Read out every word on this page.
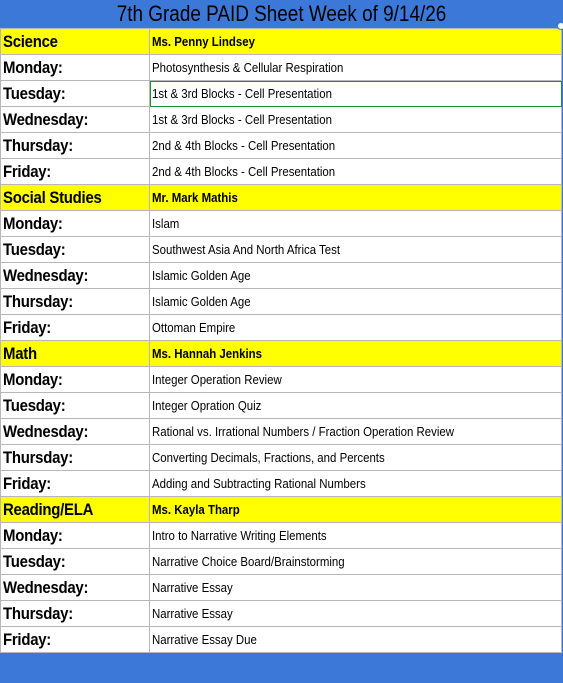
7th Grade PAID Sheet Week of 9/14/26
Science	Ms. Penny Lindsey
Monday:	Photosynthesis & Cellular Respiration
Tuesday:	1st & 3rd Blocks - Cell Presentation
Wednesday:	1st & 3rd Blocks - Cell Presentation
Thursday:	2nd & 4th Blocks - Cell Presentation
Friday:	2nd & 4th Blocks - Cell Presentation
Social Studies	Mr. Mark Mathis
Monday:	Islam
Tuesday:	Southwest Asia And North Africa Test
Wednesday:	Islamic Golden Age
Thursday:	Islamic Golden Age
Friday:	Ottoman Empire
Math	Ms. Hannah Jenkins
Monday:	Integer Operation Review
Tuesday:	Integer Opration Quiz
Wednesday:	Rational vs. Irrational Numbers / Fraction Operation Review
Thursday:	Converting Decimals, Fractions, and Percents
Friday:	Adding and Subtracting Rational Numbers
Reading/ELA	Ms. Kayla Tharp
Monday:	Intro to Narrative Writing Elements
Tuesday:	Narrative Choice Board/Brainstorming
Wednesday:	Narrative Essay
Thursday:	Narrative Essay
Friday:	Narrative Essay Due
